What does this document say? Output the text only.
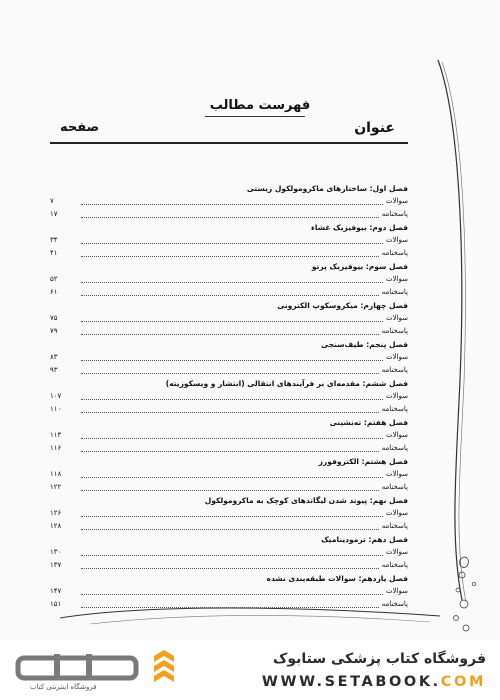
فهرست مطالب
عنوان
صفحه
فصل اول: ساختارهای ماکرومولکول زیستی
۷	سوالات
۱۷	پاسخنامه
فصل دوم: بیوفیزیک غشاء
۳۴	سوالات
۴۱	پاسخنامه
فصل سوم: بیوفیزیک پرتو
۵۲	سوالات
۶۱	پاسخنامه
فصل چهارم: میکروسکوپ الکترونی
۷۵	سوالات
۷۹	پاسخنامه
فصل پنجم: طیف‌سنجی
۸۳	سوالات
۹۳	پاسخنامه
فصل ششم: مقدمه‌ای بر فرآیندهای انتقالی (انتشار و ویسکوزیته)
۱۰۷	سوالات
۱۱۰	پاسخنامه
فصل هفتم: ته‌نشینی
۱۱۴	سوالات
۱۱۶	پاسخنامه
فصل هشتم: الکتروفورز
۱۱۸	سوالات
۱۲۲	پاسخنامه
فصل نهم: پیوند شدن لیگاندهای کوچک به ماکرومولکول
۱۲۶	سوالات
۱۲۸	پاسخنامه
فصل دهم: ترمودینامیک
۱۳۰	سوالات
۱۳۷	پاسخنامه
فصل یازدهم: سوالات طبقه‌بندی نشده
۱۴۷	سوالات
۱۵۱	پاسخنامه
فروشگاه اینترنتی کتاب
فروشگاه کتاب پزشکی ستابوک
WWW.SETABOOK.COM
